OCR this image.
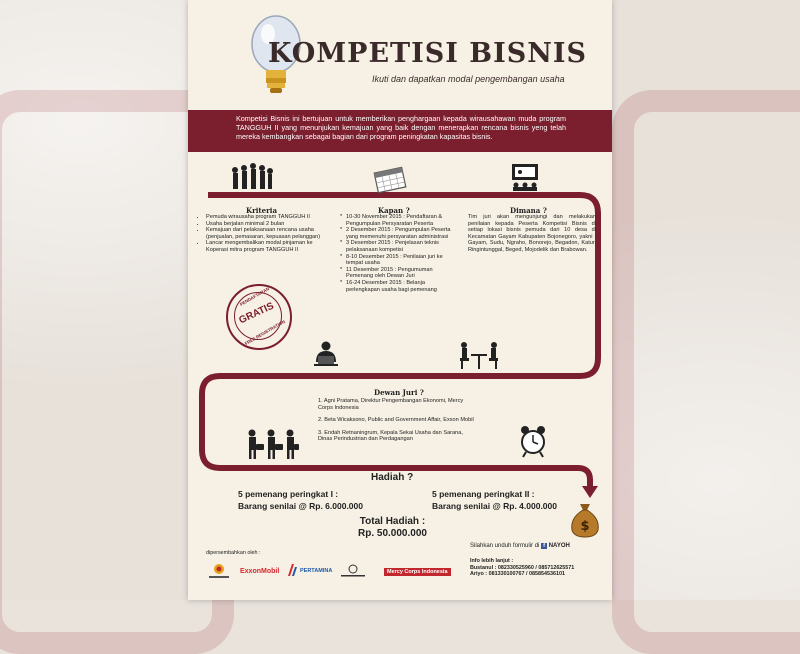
KOMPETISI BISNIS
Ikuti dan dapatkan modal pengembangan usaha
Kompetisi Bisnis ini bertujuan untuk memberikan penghargaan kepada wirausahawan muda program TANGGUH II yang menunjukan kemajuan yang baik dengan menerapkan rencana bisnis yeng telah mereka kembangkan sebagai bagian dari program peningkatan kapasitas bisnis.
Kriteria
• Pemuda wirausaha program TANGGUH II
• Usaha berjalan minimal 2 bulan
• Kemajuan dari pelaksanaan rencana usaha (penjualan, pemasaran, kepuasan pelanggan)
• Lancar mengembalikan modal pinjaman ke Koperasi mitra program TANGGUH II
PENDAFTARAN
GRATIS
FREE REGISTRATION
Kapan ?
* 10-30 November 2015 : Pendaftaran & Pengumpulan Persyaratan Peserta
* 2 Desember 2015 : Pengumpulan Peserta yang memenuhi persyaratan administrasi
* 3 Desember 2015 : Penjelasan teknis pelaksanaan kompetisi
* 8-10 Desember 2015 : Penilaian juri ke tempat usaha
* 11 Desember 2015 : Pengumuman Pemenang oleh Dewan Juri
* 16-24 Desember 2015 : Belanja perlengkapan usaha bagi pemenang
Dimana ?
Tim juri akan mengunjungi dan melakukan penilaian kepada Peserta Kompetisi Bisnis di setiap lokasi bisnis pemuda dari 10 desa di Kecamatan Gayam Kabupaten Bojonegoro, yakni : Gayam, Sudu, Ngraho, Bonorejo, Begadon, Katur, Ringintunggal, Beged, Mojodelik dan Brabowan.
Dewan Juri ?
1. Agni Pratama, Direktur Pengembangan Ekonomi, Mercy Corps Indonesia
2. Beta Wicaksono, Public and Government Affair, Exxon Mobil
3. Endah Retnaningrum, Kepala Sekai Usaha dan Sarana, Dinas Perindustrian dan Perdagangan
Hadiah ?
5 pemenang peringkat I :
Barang senilai @ Rp. 6.000.000
5 pemenang peringkat II :
Barang senilai @ Rp. 4.000.000
Total Hadiah :
Rp. 50.000.000	$
dipersembahkan oleh :
ExxonMobil	PERTAMINA	Mercy Corps Indonesia
Silahkan unduh formulir di f NAYOH
Info lebih lanjut :
Bustanul : 082330525960 / 085712625571
Ariyo : 081330100767 / 085854536101
